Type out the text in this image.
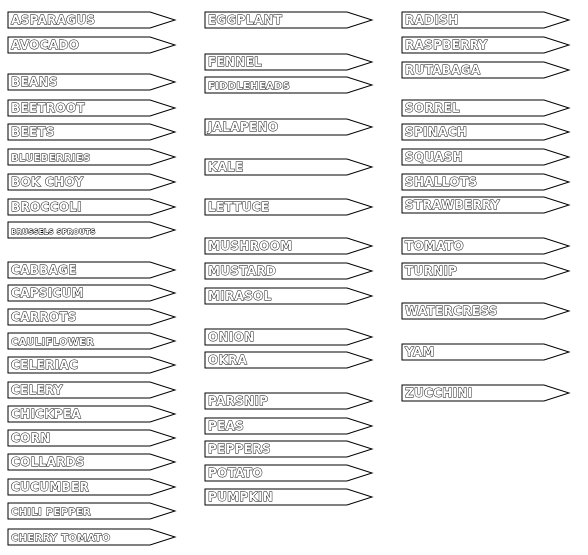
ASPARAGUS
AVOCADO
BEANS
BEETROOT
BEETS
BLUEBERRIES
BOK CHOY
BROCCOLI
BRUSSELS SPROUTS
CABBAGE
CAPSICUM
CARROTS
CAULIFLOWER
CELERIAC
CELERY
CHICKPEA
CORN
COLLARDS
CUCUMBER
CHILI PEPPER
CHERRY TOMATO
EGGPLANT
FENNEL
FIDDLEHEADS
JALAPENO
KALE
LETTUCE
MUSHROOM
MUSTARD
MIRASOL
ONION
OKRA
PARSNIP
PEAS
PEPPERS
POTATO
PUMPKIN
RADISH
RASPBERRY
RUTABAGA
SORREL
SPINACH
SQUASH
SHALLOTS
STRAWBERRY
TOMATO
TURNIP
WATERCRESS
YAM
ZUCCHINI
